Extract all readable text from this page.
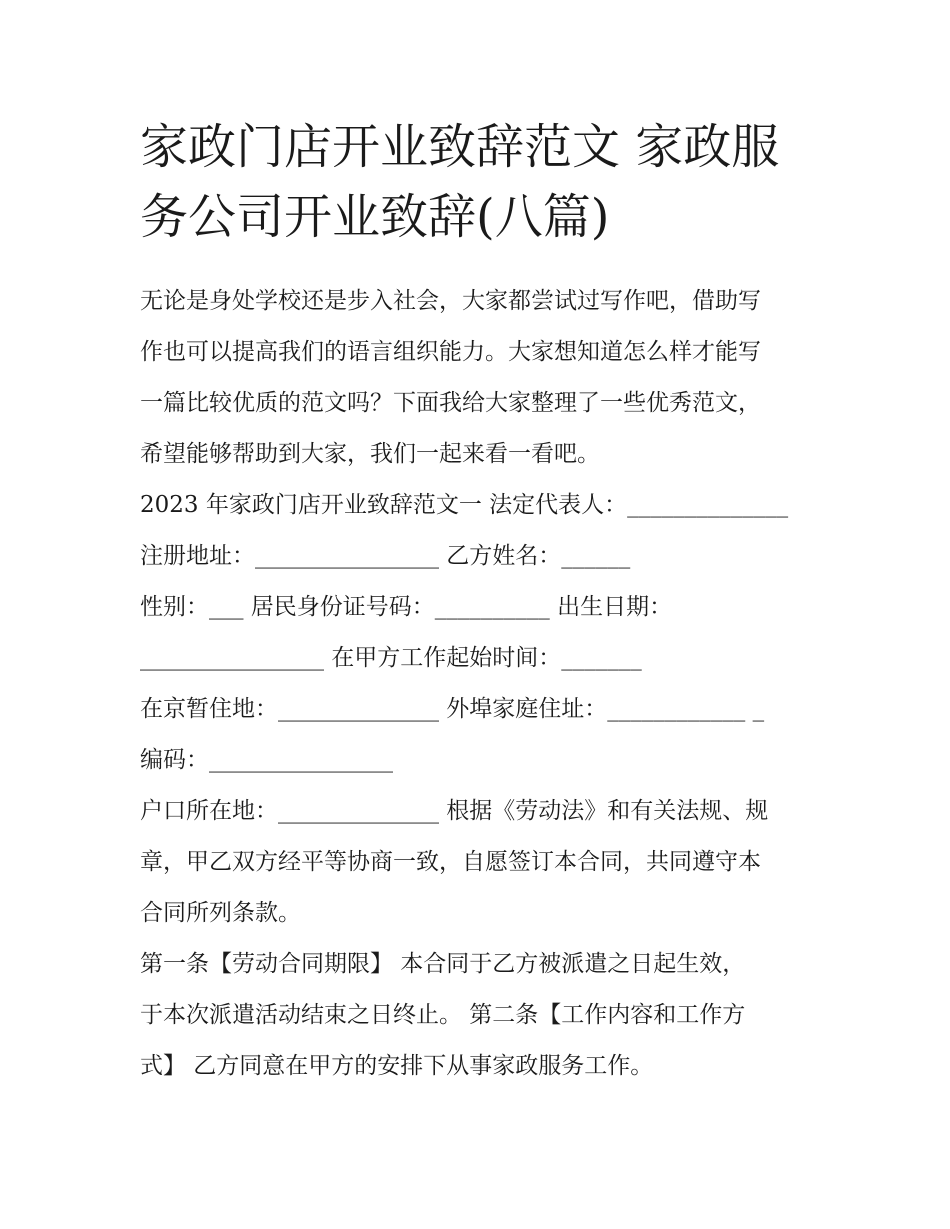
家政门店开业致辞范文 家政服
务公司开业致辞(八篇)

无论是身处学校还是步入社会，大家都尝试过写作吧，借助写
作也可以提高我们的语言组织能力。大家想知道怎么样才能写
一篇比较优质的范文吗？下面我给大家整理了一些优秀范文，
希望能够帮助到大家，我们一起来看一看吧。

2023 年家政门店开业致辞范文一 法定代表人：______________
注册地址：________________ 乙方姓名：______
性别：___ 居民身份证号码：__________ 出生日期：
________________ 在甲方工作起始时间：_______
在京暂住地：______________ 外埠家庭住址：____________ _
编码：________________
户口所在地：______________ 根据《劳动法》和有关法规、规
章，甲乙双方经平等协商一致，自愿签订本合同，共同遵守本
合同所列条款。
第一条【劳动合同期限】 本合同于乙方被派遣之日起生效，
于本次派遣活动结束之日终止。 第二条【工作内容和工作方
式】 乙方同意在甲方的安排下从事家政服务工作。
